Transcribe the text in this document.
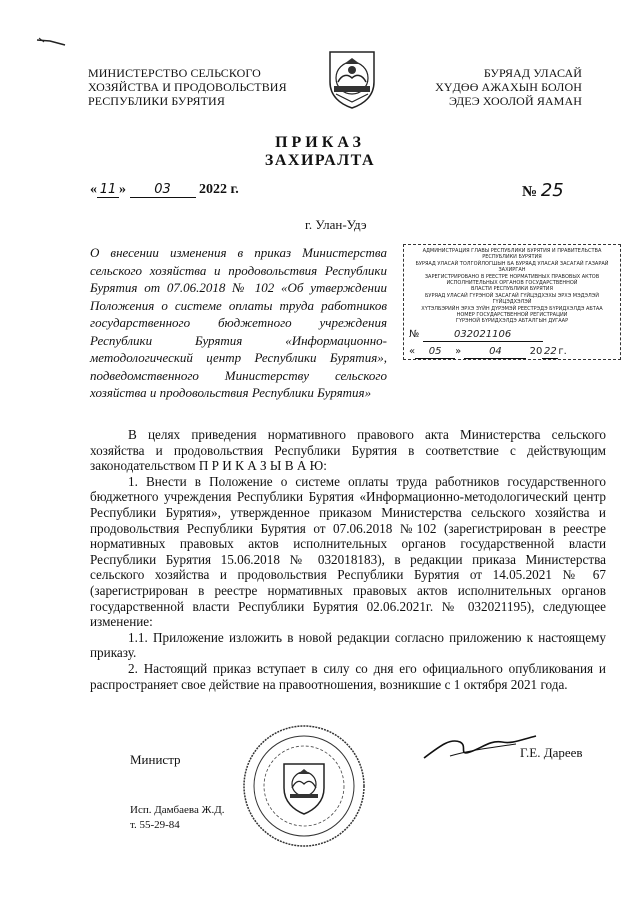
МИНИСТЕРСТВО СЕЛЬСКОГО
ХОЗЯЙСТВА И ПРОДОВОЛЬСТВИЯ
РЕСПУБЛИКИ БУРЯТИЯ
БУРЯАД УЛАСАЙ
ХҮДӨӨ АЖАХЫН БОЛОН
ЭДЕЭ ХООЛОЙ ЯАМАН
ПРИКАЗ
ЗАХИРАЛТА
« 11 » 03 2022 г.	№ 25
г. Улан-Удэ
О внесении изменения в приказ Министерства сельского хозяйства и продовольствия Республики Бурятия от 07.06.2018 № 102 «Об утверждении Положения о системе оплаты труда работников государственного бюджетного учреждения Республики Бурятия «Информационно-методологический центр Республики Бурятия», подведомственного Министерству сельского хозяйства и продовольствия Республики Бурятия»
АДМИНИСТРАЦИЯ ГЛАВЫ РЕСПУБЛИКИ БУРЯТИЯ И ПРАВИТЕЛЬСТВА РЕСПУБЛИКИ БУРЯТИЯ
БУРЯАД УЛАСАЙ ТОЛГОЙЛОГШЫН БА БУРЯАД УЛАСАЙ ЗАСАГАЙ ГАЗАРАЙ ЗАХИРГАН
ЗАРЕГИСТРИРОВАНО В РЕЕСТРЕ НОРМАТИВНЫХ ПРАВОВЫХ АКТОВ
ИСПОЛНИТЕЛЬНЫХ ОРГАНОВ ГОСУДАРСТВЕННОЙ
ВЛАСТИ РЕСПУБЛИКИ БУРЯТИЯ
БУРЯАД УЛАСАЙ ГҮРЭНОЙ ЗАСАГАЙ ГҮЙЦЭДХЭХЫ ЭРХЭ МЭДЭЛЭЙ ГҮЙЦЭДХЭЛЭЙ
ХҮТЭЛБЭРИЙН ЭРХЭ ЗҮЙН ДҮРЭМЭЙ РЕЕСТРЭДЭ БҮРИДХЭЛДЭ АБТАА
НОМЕР ГОСУДАРСТВЕННОЙ РЕГИСТРАЦИИ
ГҮРЭНОЙ БҮРИДХЭЛДЭ АБТАЛГЫН ДУГААР
№	032021106
« 05 »	04	20 22 г.

В целях приведения нормативного правового акта Министерства сельского хозяйства и продовольствия Республики Бурятия в соответствие с действующим законодательством П Р И К А З Ы В А Ю:

1. Внести в Положение о системе оплаты труда работников государственного бюджетного учреждения Республики Бурятия «Информационно-методологический центр Республики Бурятия», утвержденное приказом Министерства сельского хозяйства и продовольствия Республики Бурятия от 07.06.2018 №102 (зарегистрирован в реестре нормативных правовых актов исполнительных органов государственной власти Республики Бурятия 15.06.2018 № 032018183), в редакции приказа Министерства сельского хозяйства и продовольствия Республики Бурятия от 14.05.2021 № 67 (зарегистрирован в реестре нормативных правовых актов исполнительных органов государственной власти Республики Бурятия 02.06.2021г. № 032021195), следующее изменение:

1.1. Приложение изложить в новой редакции согласно приложению к настоящему приказу.

2. Настоящий приказ вступает в силу со дня его официального опубликования и распространяет свое действие на правоотношения, возникшие с 1 октября 2021 года.

Министр	Г.Е. Дареев
Исп. Дамбаева Ж.Д.
т. 55-29-84
